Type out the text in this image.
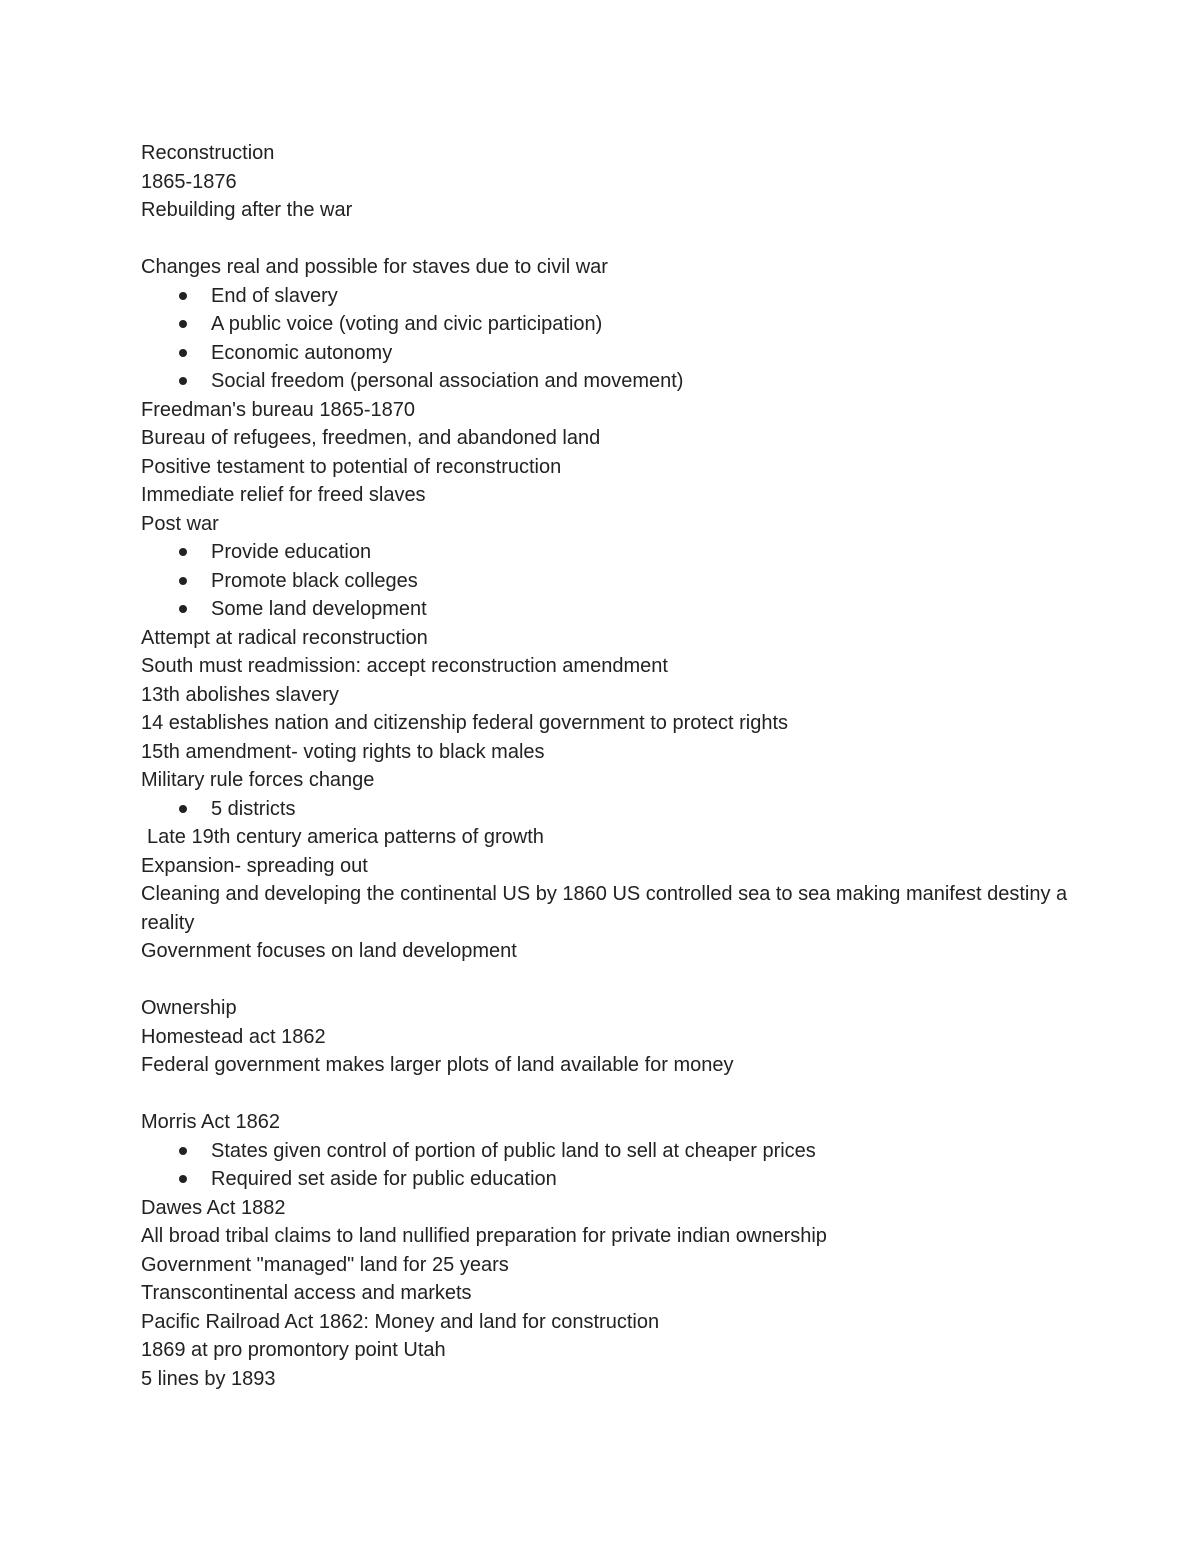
Reconstruction

1865-1876

Rebuilding after the war

Changes real and possible for staves due to civil war

End of slavery
A public voice (voting and civic participation)
Economic autonomy
Social freedom (personal association and movement)

Freedman's bureau 1865-1870

Bureau of refugees, freedmen, and abandoned land

Positive testament to potential of reconstruction

Immediate relief for freed slaves

Post war

Provide education
Promote black colleges
Some land development

Attempt at radical reconstruction

South must readmission: accept reconstruction amendment

13th abolishes slavery

14 establishes nation and citizenship federal government to protect rights

15th amendment- voting rights to black males

Military rule forces change

5 districts

Late 19th century america patterns of growth

Expansion- spreading out

Cleaning and developing the continental US by 1860 US controlled sea to sea making manifest destiny a reality

Government focuses on land development

Ownership

Homestead act 1862

Federal government makes larger plots of land available for money

Morris Act 1862

States given control of portion of public land to sell at cheaper prices
Required set aside for public education

Dawes Act 1882

All broad tribal claims to land nullified preparation for private indian ownership

Government "managed" land for 25 years

Transcontinental access and markets

Pacific Railroad Act 1862: Money and land for construction

1869 at pro promontory point Utah

5 lines by 1893
